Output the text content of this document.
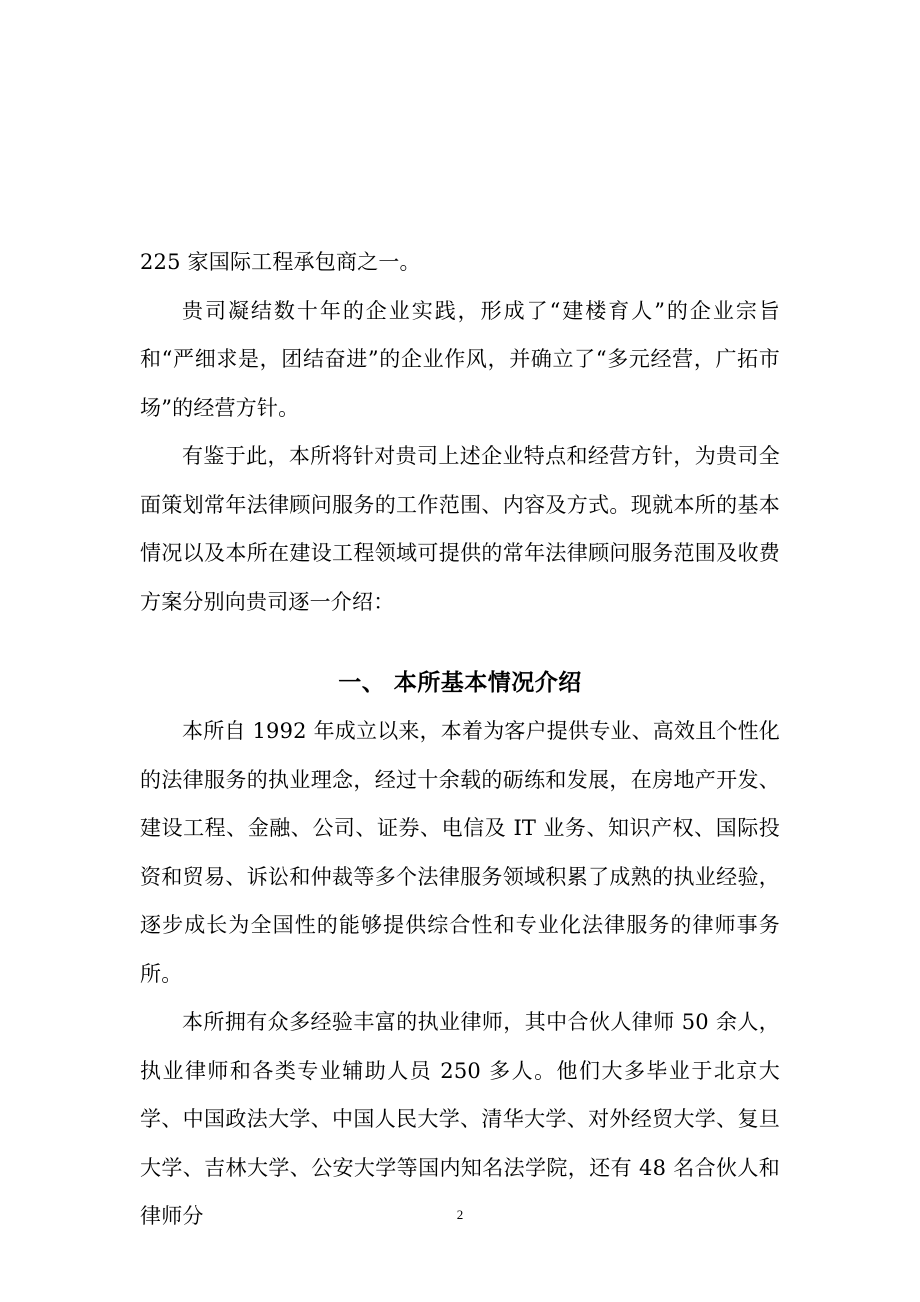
225 家国际工程承包商之一。

贵司凝结数十年的企业实践，形成了“建楼育人”的企业宗旨和“严细求是，团结奋进”的企业作风，并确立了“多元经营，广拓市场”的经营方针。

有鉴于此，本所将针对贵司上述企业特点和经营方针，为贵司全面策划常年法律顾问服务的工作范围、内容及方式。现就本所的基本情况以及本所在建设工程领域可提供的常年法律顾问服务范围及收费方案分别向贵司逐一介绍：

一、 本所基本情况介绍

本所自 1992 年成立以来，本着为客户提供专业、高效且个性化的法律服务的执业理念，经过十余载的砺练和发展，在房地产开发、建设工程、金融、公司、证券、电信及 IT 业务、知识产权、国际投资和贸易、诉讼和仲裁等多个法律服务领域积累了成熟的执业经验，逐步成长为全国性的能够提供综合性和专业化法律服务的律师事务所。

本所拥有众多经验丰富的执业律师，其中合伙人律师 50 余人，执业律师和各类专业辅助人员 250 多人。他们大多毕业于北京大学、中国政法大学、中国人民大学、清华大学、对外经贸大学、复旦大学、吉林大学、公安大学等国内知名法学院，还有 48 名合伙人和律师分	2
